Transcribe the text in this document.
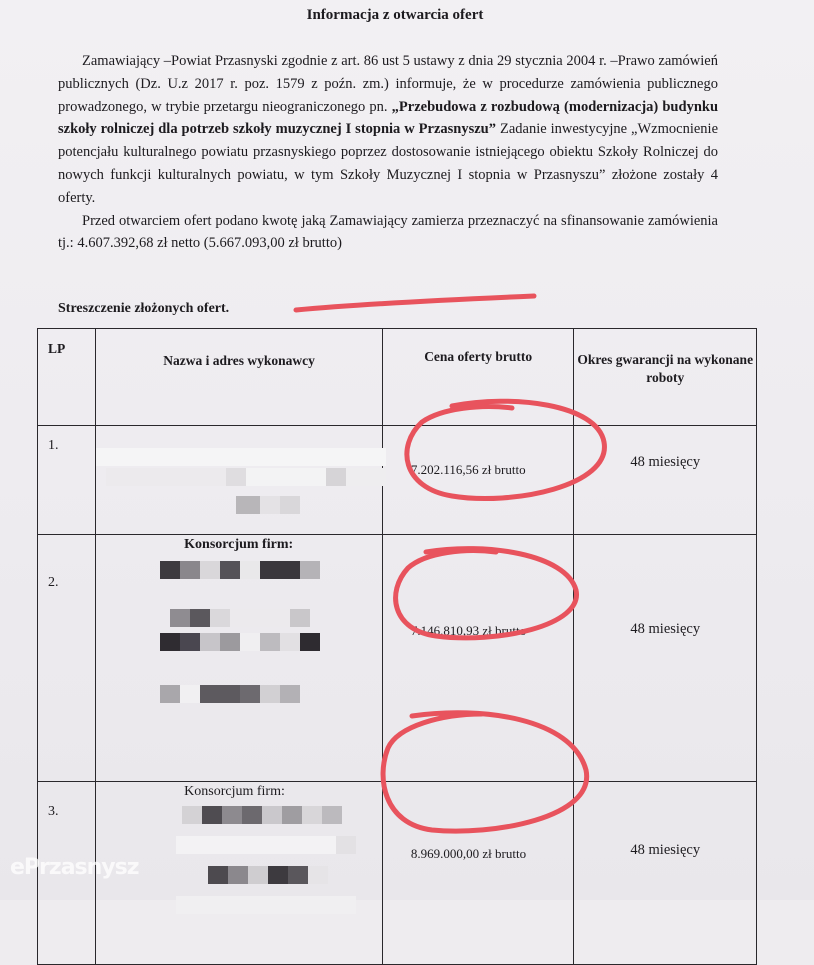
Informacja z otwarcia ofert

Zamawiający –Powiat Przasnyski zgodnie z art. 86 ust 5 ustawy z dnia 29 stycznia 2004 r. –Prawo zamówień publicznych (Dz. U.z 2017 r. poz. 1579 z poźn. zm.) informuje, że w procedurze zamówienia publicznego prowadzonego, w trybie przetargu nieograniczonego pn. „Przebudowa z rozbudową (modernizacja) budynku szkoły rolniczej dla potrzeb szkoły muzycznej I stopnia w Przasnyszu” Zadanie inwestycyjne „Wzmocnienie potencjału kulturalnego powiatu przasnyskiego poprzez dostosowanie istniejącego obiektu Szkoły Rolniczej do nowych funkcji kulturalnych powiatu, w tym Szkoły Muzycznej I stopnia w Przasnyszu” złożone zostały 4 oferty.

Przed otwarciem ofert podano kwotę jaką Zamawiający zamierza przeznaczyć na sfinansowanie zamówienia tj.: 4.607.392,68 zł netto (5.667.093,00 zł brutto)

Streszczenie złożonych ofert.
LP	Nazwa i adres wykonawcy	Cena oferty brutto	Okres gwarancji na wykonane roboty
1.		7.202.116,56 zł brutto	48 miesięcy

2.	Konsorcjum firm:	7.146.810,93 zł brutto	48 miesięcy

3.	Konsorcjum firm:	8.969.000,00 zł brutto	48 miesięcy
ePrzasnysz
